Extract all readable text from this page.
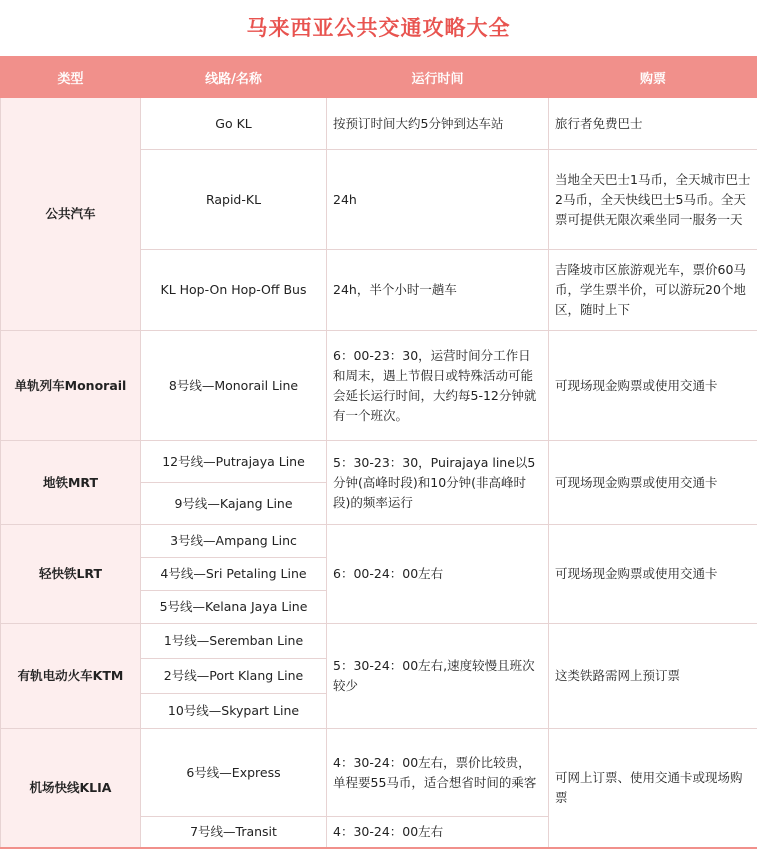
马来西亚公共交通攻略大全
类型	线路/名称	运行时间	购票
公共汽车	Go KL	按预订时间大约5分钟到达车站	旅行者免费巴士
	Rapid-KL	24h	当地全天巴士1马币，全天城市巴士2马币，全天快线巴士5马币。全天票可提供无限次乘坐同一服务一天
	KL Hop-On Hop-Off Bus	24h，半个小时一趟车	吉隆坡市区旅游观光车，票价60马币，学生票半价，可以游玩20个地区，随时上下
单轨列车Monorail	8号线—Monorail Line	6：00-23：30，运营时间分工作日和周末，遇上节假日或特殊活动可能会延长运行时间，大约每5-12分钟就有一个班次。	可现场现金购票或使用交通卡
地铁MRT	12号线—Putrajaya Line	5：30-23：30，Puirajaya line以5分钟(高峰时段)和10分钟(非高峰时段)的频率运行	可现场现金购票或使用交通卡
	9号线—Kajang Line		
轻快铁LRT	3号线—Ampang Linc	6：00-24：00左右	可现场现金购票或使用交通卡
	4号线—Sri Petaling Line		
	5号线—Kelana Jaya Line		
有轨电动火车KTM	1号线—Seremban Line	5：30-24：00左右,速度较慢且班次较少	这类铁路需网上预订票
	2号线—Port Klang Line		
	10号线—Skypart Line		
机场快线KLIA	6号线—Express	4：30-24：00左右，票价比较贵，单程要55马币，适合想省时间的乘客	可网上订票、使用交通卡或现场购票
	7号线—Transit	4：30-24：00左右	
